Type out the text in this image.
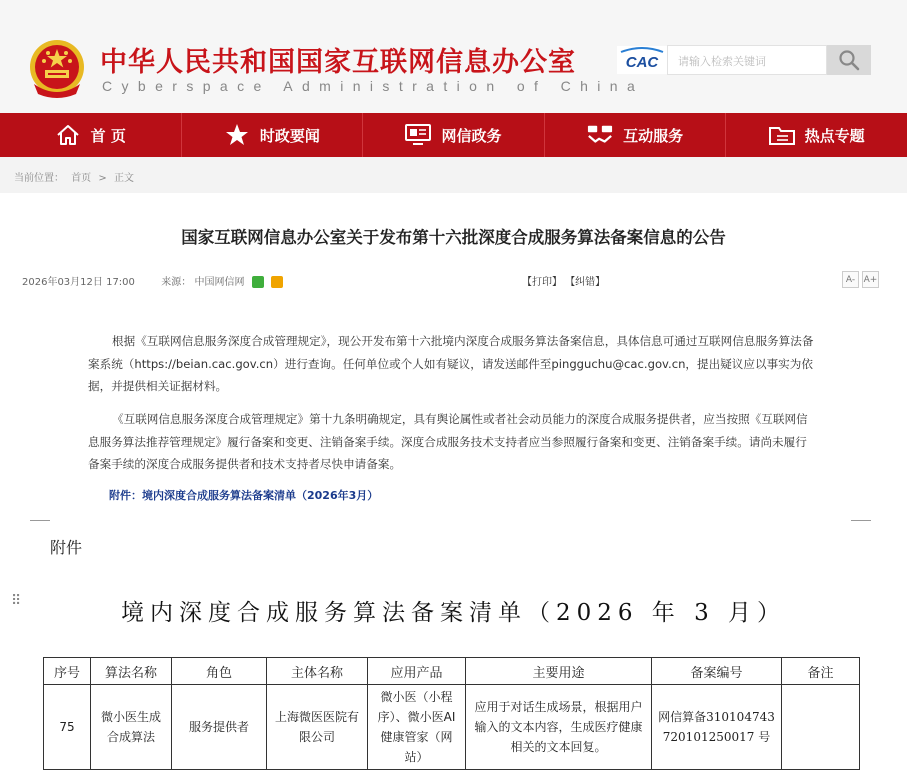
中华人民共和国国家互联网信息办公室
Cyberspace Administration of China
CAC	请输入检索关键词
首 页	时政要闻	网信政务	互动服务	热点专题
当前位置： 首页 > 正文
国家互联网信息办公室关于发布第十六批深度合成服务算法备案信息的公告
2026年03月12日 17:00	来源： 中国网信网	【打印】 【纠错】	A- A+

根据《互联网信息服务深度合成管理规定》，现公开发布第十六批境内深度合成服务算法备案信息，具体信息可通过互联网信息服务算法备案系统（https://beian.cac.gov.cn）进行查询。任何单位或个人如有疑议，请发送邮件至pingguchu@cac.gov.cn，提出疑议应以事实为依据，并提供相关证据材料。

《互联网信息服务深度合成管理规定》第十九条明确规定，具有舆论属性或者社会动员能力的深度合成服务提供者，应当按照《互联网信息服务算法推荐管理规定》履行备案和变更、注销备案手续。深度合成服务技术支持者应当参照履行备案和变更、注销备案手续。请尚未履行备案手续的深度合成服务提供者和技术支持者尽快申请备案。

附件：境内深度合成服务算法备案清单（2026年3月）
附件
⠿	境内深度合成服务算法备案清单（2026 年 3 月）
序号	算法名称	角色	主体名称	应用产品	主要用途	备案编号	备注
75	微小医生成合成算法	服务提供者	上海微医医院有限公司	微小医（小程序）、微小医AI 健康管家（网站）	应用于对话生成场景，根据用户输入的文本内容，生成医疗健康相关的文本回复。	网信算备310104743720101250017 号	
